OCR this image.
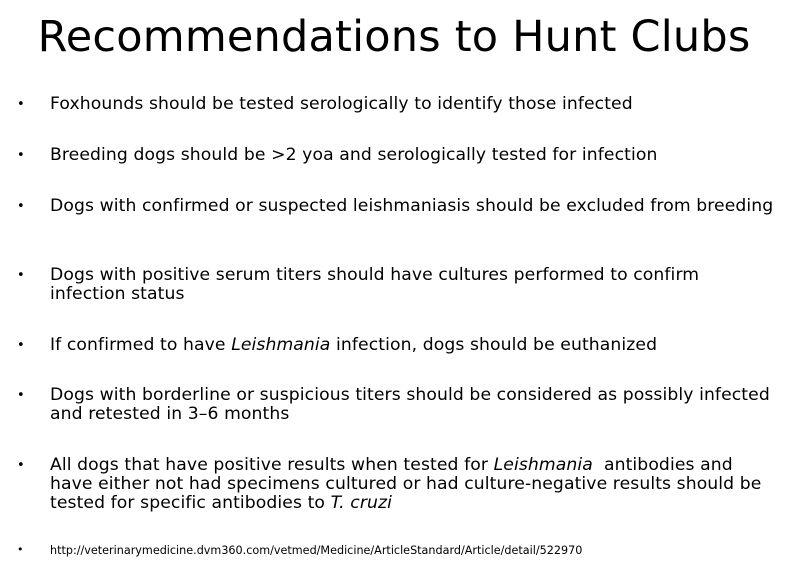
Recommendations to Hunt Clubs
• Foxhounds should be tested serologically to identify those infected
• Breeding dogs should be >2 yoa and serologically tested for infection
• Dogs with confirmed or suspected leishmaniasis should be excluded from breeding
• Dogs with positive serum titers should have cultures performed to confirm infection status
• If confirmed to have Leishmania infection, dogs should be euthanized
• Dogs with borderline or suspicious titers should be considered as possibly infected and retested in 3–6 months
• All dogs that have positive results when tested for Leishmania  antibodies and have either not had specimens cultured or had culture-negative results should be tested for specific antibodies to T. cruzi
• http://veterinarymedicine.dvm360.com/vetmed/Medicine/ArticleStandard/Article/detail/522970
